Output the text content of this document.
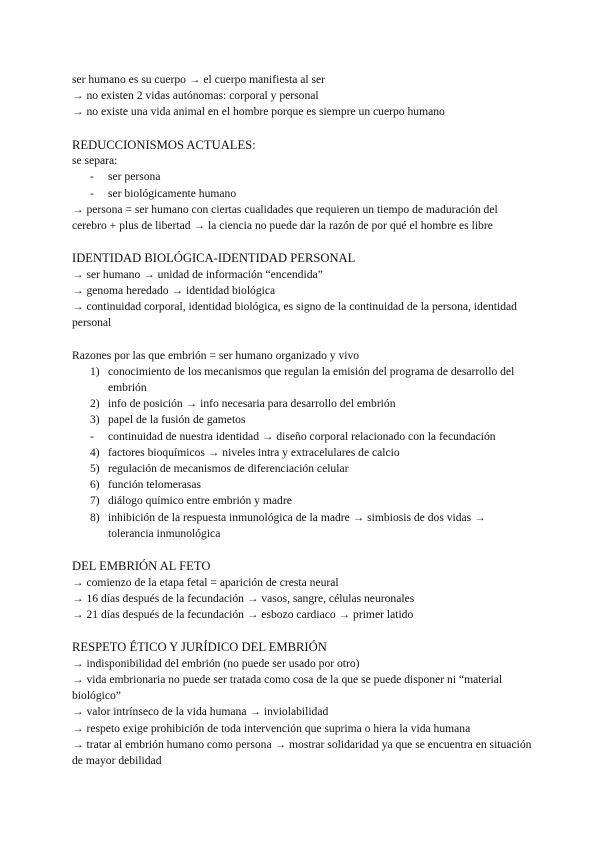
ser humano es su cuerpo → el cuerpo manifiesta al ser

→ no existen 2 vidas autónomas: corporal y personal

→ no existe una vida animal en el hombre porque es siempre un cuerpo humano

REDUCCIONISMOS ACTUALES:

se separa:

-	ser persona
-	ser biológicamente humano

→ persona = ser humano con ciertas cualidades que requieren un tiempo de maduración del cerebro + plus de libertad → la ciencia no puede dar la razón de por qué el hombre es libre

IDENTIDAD BIOLÓGICA-IDENTIDAD PERSONAL

→ ser humano → unidad de información “encendida”

→ genoma heredado → identidad biológica

→ continuidad corporal, identidad biológica, es signo de la continuidad de la persona, identidad personal

Razones por las que embrión = ser humano organizado y vivo

1) conocimiento de los mecanismos que regulan la emisión del programa de desarrollo del embrión
2) info de posición → info necesaria para desarrollo del embrión
3) papel de la fusión de gametos
-	continuidad de nuestra identidad → diseño corporal relacionado con la fecundación
4) factores bioquímicos → niveles intra y extracelulares de calcio
5) regulación de mecanismos de diferenciación celular
6) función telomerasas
7) diálogo químico entre embrión y madre
8) inhibición de la respuesta inmunológica de la madre → simbiosis de dos vidas → tolerancia inmunológica

DEL EMBRIÓN AL FETO

→ comienzo de la etapa fetal = aparición de cresta neural

→ 16 días después de la fecundación → vasos, sangre, células neuronales

→ 21 días después de la fecundación → esbozo cardiaco → primer latido

RESPETO ÉTICO Y JURÍDICO DEL EMBRIÓN

→ indisponibilidad del embrión (no puede ser usado por otro)

→ vida embrionaria no puede ser tratada como cosa de la que se puede disponer ni “material biológico”

→ valor intrínseco de la vida humana → inviolabilidad

→ respeto exige prohibición de toda intervención que suprima o hiera la vida humana

→ tratar al embrión humano como persona → mostrar solidaridad ya que se encuentra en situación de mayor debilidad
